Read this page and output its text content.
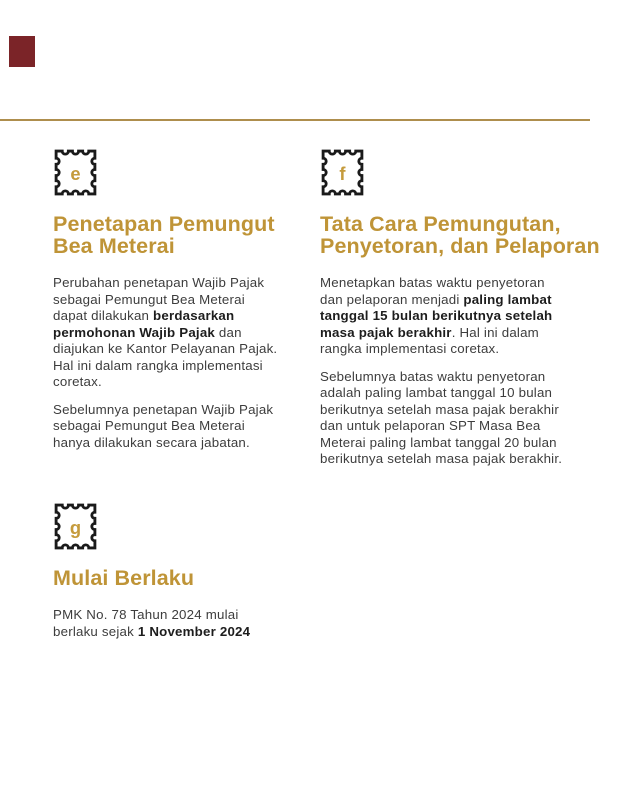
e
Penetapan Pemungut Bea Meterai

Perubahan penetapan Wajib Pajak sebagai Pemungut Bea Meterai dapat dilakukan berdasarkan permohonan Wajib Pajak dan diajukan ke Kantor Pelayanan Pajak. Hal ini dalam rangka implementasi coretax.

Sebelumnya penetapan Wajib Pajak sebagai Pemungut Bea Meterai hanya dilakukan secara jabatan.

f
Tata Cara Pemungutan, Penyetoran, dan Pelaporan

Menetapkan batas waktu penyetoran dan pelaporan menjadi paling lambat tanggal 15 bulan berikutnya setelah masa pajak berakhir. Hal ini dalam rangka implementasi coretax.

Sebelumnya batas waktu penyetoran adalah paling lambat tanggal 10 bulan berikutnya setelah masa pajak berakhir dan untuk pelaporan SPT Masa Bea Meterai paling lambat tanggal 20 bulan berikutnya setelah masa pajak berakhir.

g
Mulai Berlaku

PMK No. 78 Tahun 2024 mulai berlaku sejak 1 November 2024
